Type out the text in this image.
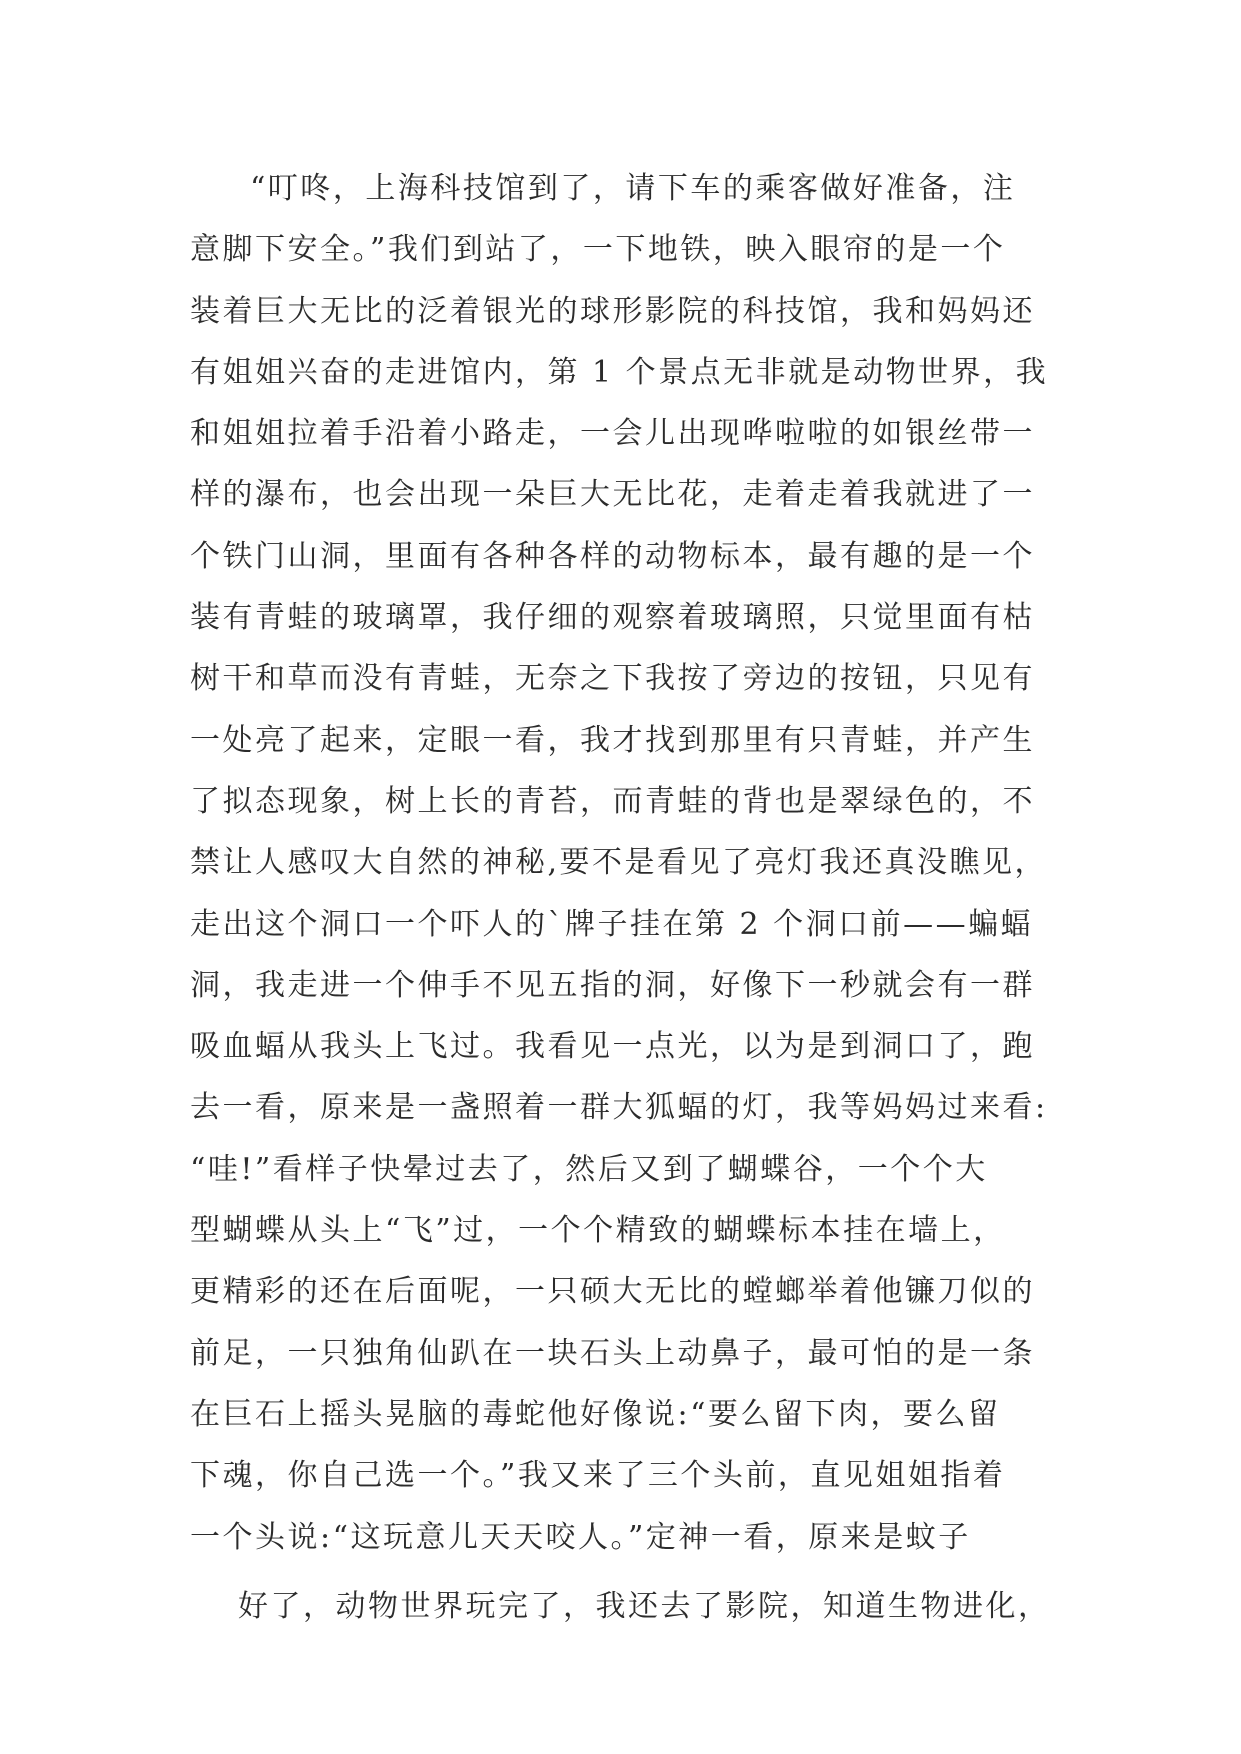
“叮咚，上海科技馆到了，请下车的乘客做好准备，注
意脚下安全。”我们到站了，一下地铁，映入眼帘的是一个
装着巨大无比的泛着银光的球形影院的科技馆，我和妈妈还
有姐姐兴奋的走进馆内，第 1 个景点无非就是动物世界，我
和姐姐拉着手沿着小路走，一会儿出现哗啦啦的如银丝带一
样的瀑布，也会出现一朵巨大无比花，走着走着我就进了一
个铁门山洞，里面有各种各样的动物标本，最有趣的是一个
装有青蛙的玻璃罩，我仔细的观察着玻璃照，只觉里面有枯
树干和草而没有青蛙，无奈之下我按了旁边的按钮，只见有
一处亮了起来，定眼一看，我才找到那里有只青蛙，并产生
了拟态现象，树上长的青苔，而青蛙的背也是翠绿色的，不
禁让人感叹大自然的神秘,要不是看见了亮灯我还真没瞧见，
走出这个洞口一个吓人的`牌子挂在第 2 个洞口前——蝙蝠
洞，我走进一个伸手不见五指的洞，好像下一秒就会有一群
吸血蝠从我头上飞过。我看见一点光，以为是到洞口了，跑
去一看，原来是一盏照着一群大狐蝠的灯，我等妈妈过来看:
“哇!”看样子快晕过去了，然后又到了蝴蝶谷，一个个大
型蝴蝶从头上“飞”过，一个个精致的蝴蝶标本挂在墙上，
更精彩的还在后面呢，一只硕大无比的螳螂举着他镰刀似的
前足，一只独角仙趴在一块石头上动鼻子，最可怕的是一条
在巨石上摇头晃脑的毒蛇他好像说:“要么留下肉，要么留
下魂，你自己选一个。”我又来了三个头前，直见姐姐指着
一个头说:“这玩意儿天天咬人。”定神一看，原来是蚊子
好了，动物世界玩完了，我还去了影院，知道生物进化，
